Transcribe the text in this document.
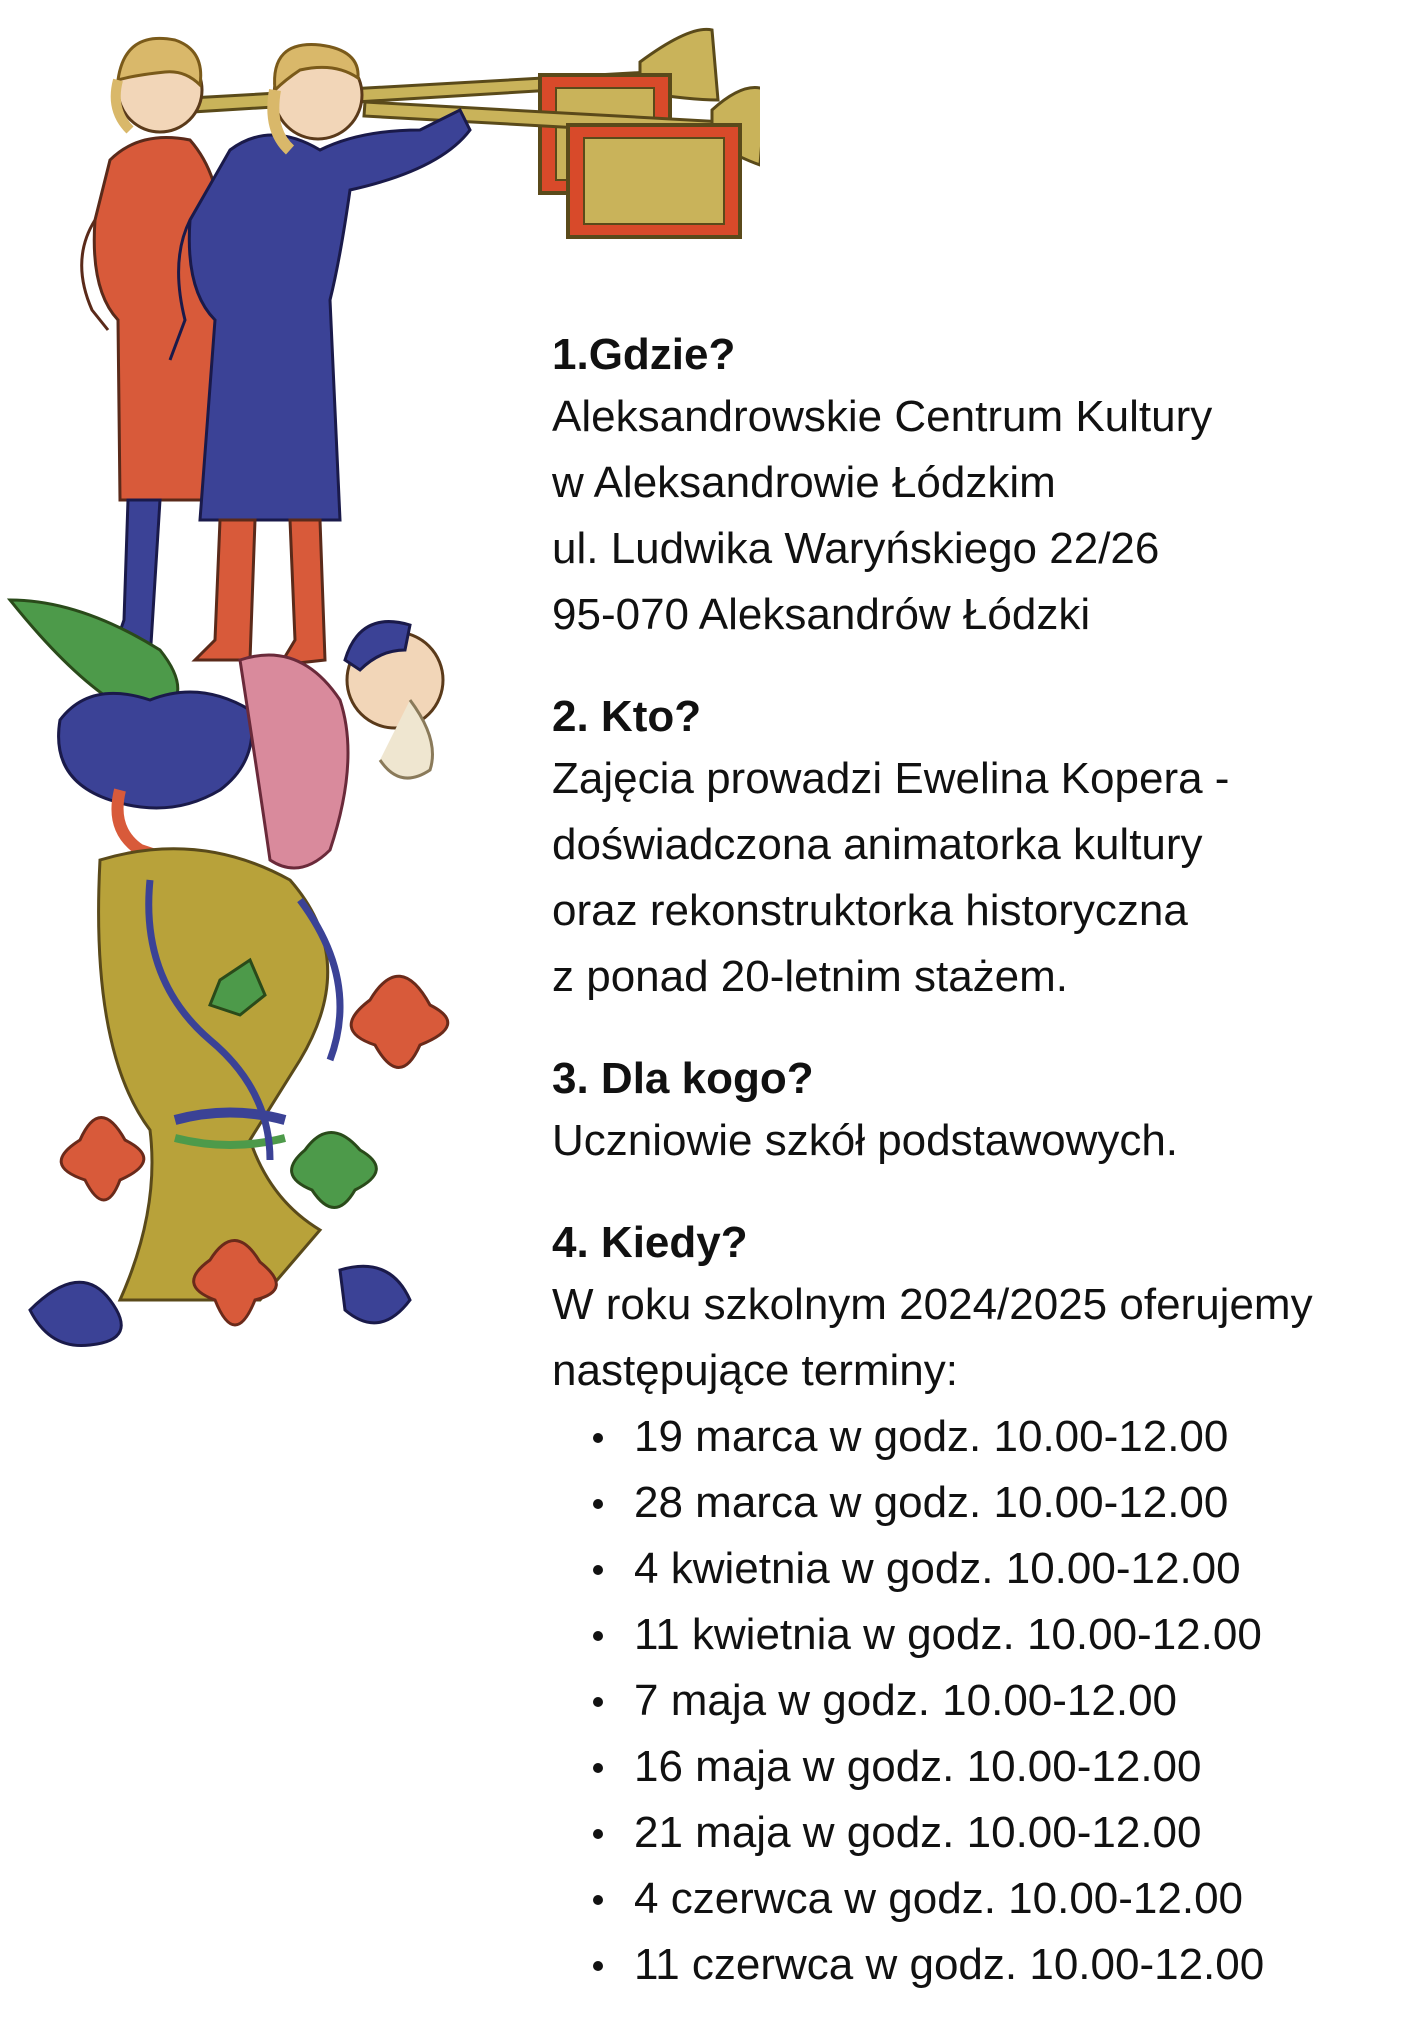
1.Gdzie?

Aleksandrowskie Centrum Kultury

w Aleksandrowie Łódzkim

ul. Ludwika Waryńskiego 22/26

95-070 Aleksandrów Łódzki

2. Kto?

Zajęcia prowadzi Ewelina Kopera -

doświadczona animatorka kultury

oraz rekonstruktorka historyczna

z ponad 20-letnim stażem.

3. Dla kogo?

Uczniowie szkół podstawowych.

4. Kiedy?

W roku szkolnym 2024/2025 oferujemy

następujące terminy:

19 marca w godz. 10.00-12.00
28 marca w godz. 10.00-12.00
4 kwietnia w godz. 10.00-12.00
11 kwietnia w godz. 10.00-12.00
7 maja w godz. 10.00-12.00
16 maja w godz. 10.00-12.00
21 maja w godz. 10.00-12.00
4 czerwca w godz. 10.00-12.00
11 czerwca w godz. 10.00-12.00
